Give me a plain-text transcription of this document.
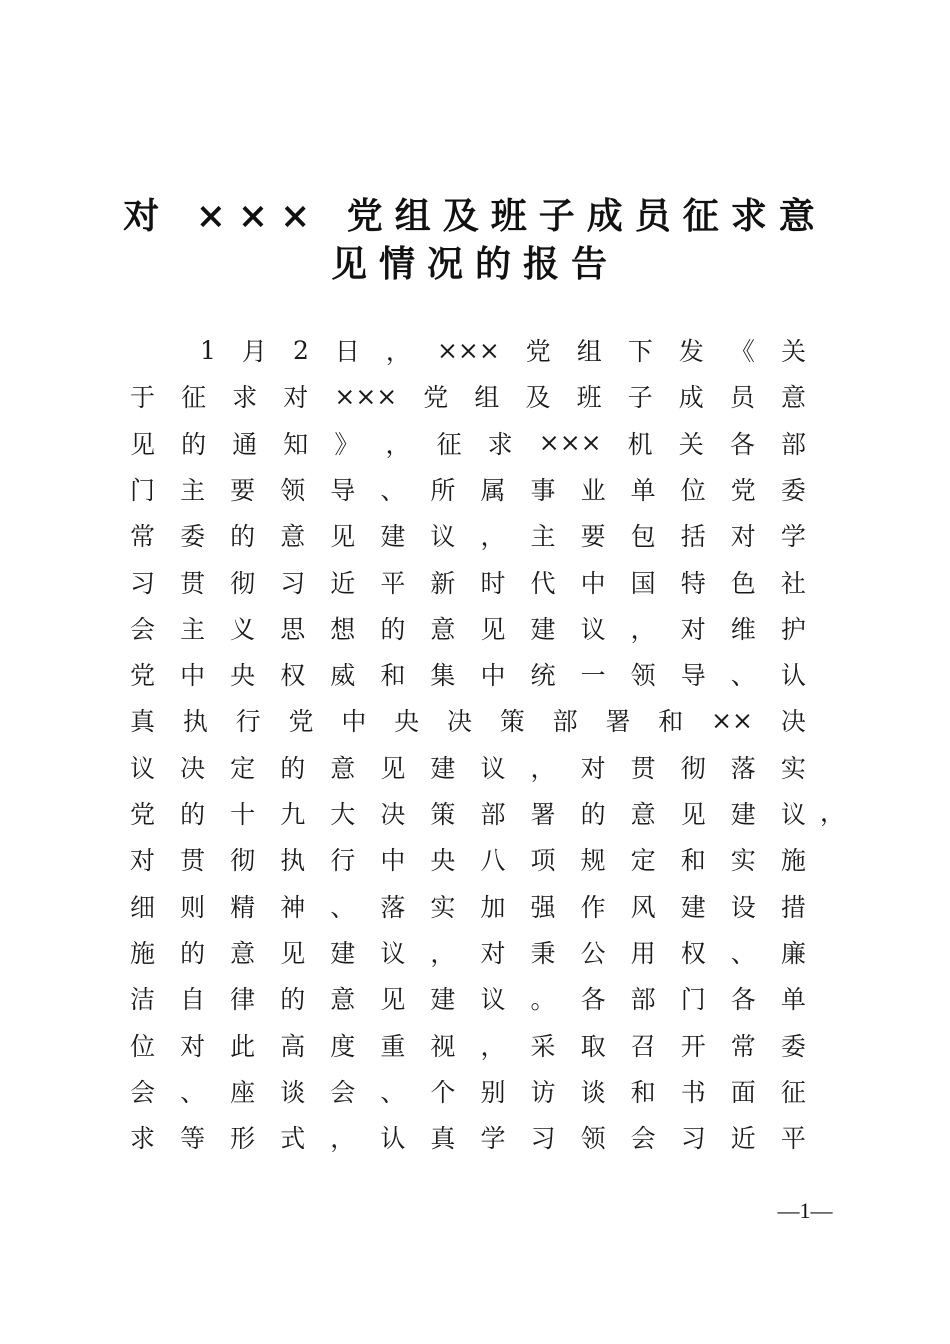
对 ××× 党组及班子成员征求意
见情况的报告
1 月 2 日 ， ××× 党 组 下 发 《 关
于 征 求 对 ××× 党 组 及 班 子 成 员 意
见 的 通 知 》 ， 征 求 ××× 机 关 各 部
门 主 要 领 导 、 所 属 事 业 单 位 党 委
常 委 的 意 见 建 议 ， 主 要 包 括 对 学
习 贯 彻 习 近 平 新 时 代 中 国 特 色 社
会 主 义 思 想 的 意 见 建 议 ， 对 维 护
党 中 央 权 威 和 集 中 统 一 领 导 、 认
真 执 行 党 中 央 决 策 部 署 和 ×× 决
议 决 定 的 意 见 建 议 ， 对 贯 彻 落 实
党 的 十 九 大 决 策 部 署 的 意 见 建 议
对 贯 彻 执 行 中 央 八 项 规 定 和 实 施
细 则 精 神 、 落 实 加 强 作 风 建 设 措
施 的 意 见 建 议 ， 对 秉 公 用 权 、 廉
洁 自 律 的 意 见 建 议 。 各 部 门 各 单
位 对 此 高 度 重 视 ， 采 取 召 开 常 委
会 、 座 谈 会 、 个 别 访 谈 和 书 面 征
求 等 形 式 ， 认 真 学 习 领 会 习 近 平
，
—1—
